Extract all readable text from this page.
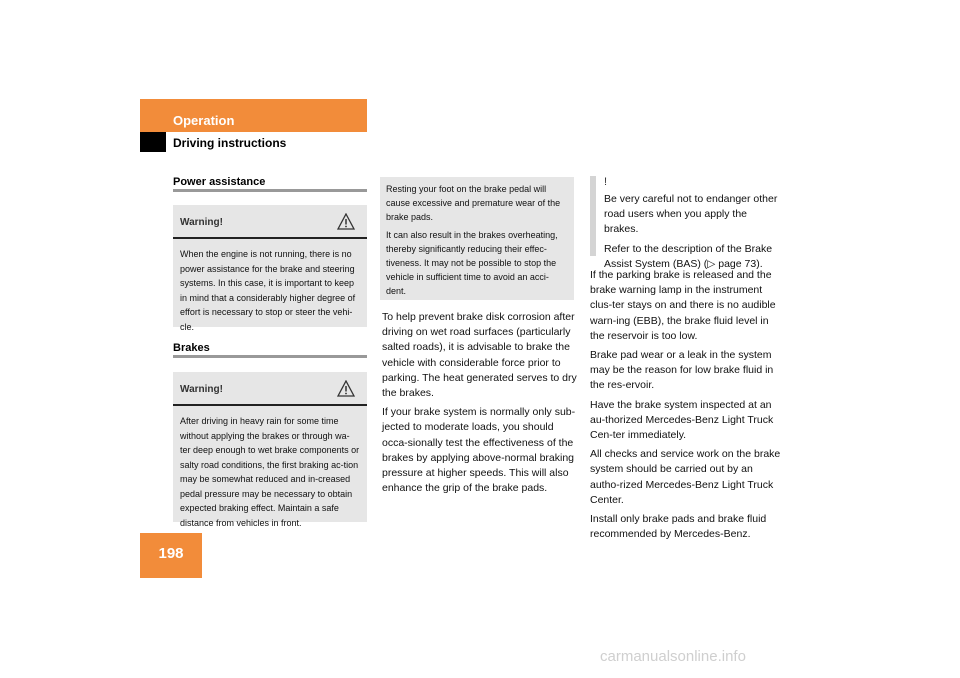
Operation
Driving instructions
198
Power assistance
Warning!
When the engine is not running, there is no power assistance for the brake and steering systems. In this case, it is important to keep in mind that a considerably higher degree of effort is necessary to stop or steer the vehi-cle.
Brakes
Warning!
After driving in heavy rain for some time without applying the brakes or through wa-ter deep enough to wet brake components or salty road conditions, the first braking ac-tion may be somewhat reduced and in-creased pedal pressure may be necessary to obtain expected braking effect. Maintain a safe distance from vehicles in front.

Resting your foot on the brake pedal will cause excessive and premature wear of the brake pads.

It can also result in the brakes overheating, thereby significantly reducing their effec-tiveness. It may not be possible to stop the vehicle in sufficient time to avoid an acci-dent.

To help prevent brake disk corrosion after driving on wet road surfaces (particularly salted roads), it is advisable to brake the vehicle with considerable force prior to parking. The heat generated serves to dry the brakes.

If your brake system is normally only sub-jected to moderate loads, you should occa-sionally test the effectiveness of the brakes by applying above-normal braking pressure at higher speeds. This will also enhance the grip of the brake pads.

!

Be very careful not to endanger other road users when you apply the brakes.

Refer to the description of the Brake Assist System (BAS) (▷ page 73).

If the parking brake is released and the brake warning lamp in the instrument clus-ter stays on and there is no audible warn-ing (EBB), the brake fluid level in the reservoir is too low.

Brake pad wear or a leak in the system may be the reason for low brake fluid in the res-ervoir.

Have the brake system inspected at an au-thorized Mercedes-Benz Light Truck Cen-ter immediately.

All checks and service work on the brake system should be carried out by an autho-rized Mercedes-Benz Light Truck Center.

Install only brake pads and brake fluid recommended by Mercedes-Benz.

carmanualsonline.info
